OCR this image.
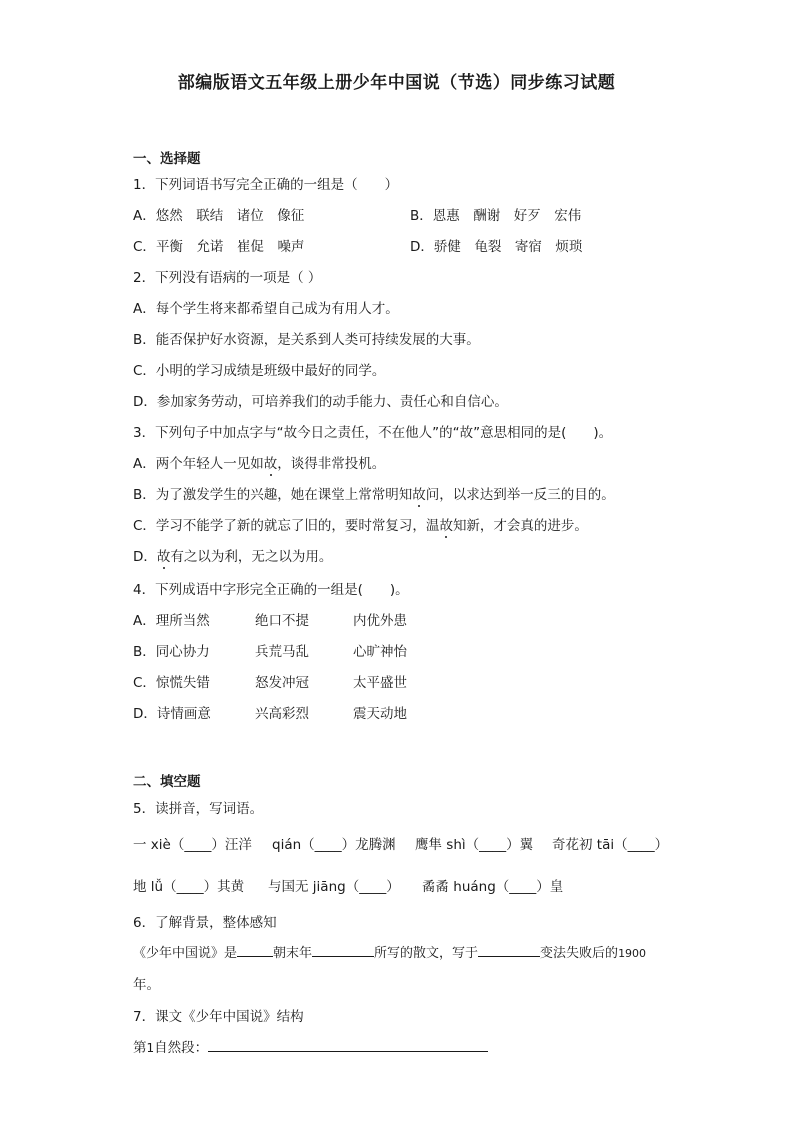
部编版语文五年级上册少年中国说（节选）同步练习试题
一、选择题
1．下列词语书写完全正确的一组是（　　）
A．悠然　 联结　 诸位　 像征	B．恩惠　 酬谢　 好歹　 宏伟
C．平衡　 允诺　 崔促　 噪声	D．骄健　 龟裂　 寄宿　 烦琐
2．下列没有语病的一项是（ ）
A．每个学生将来都希望自己成为有用人才。
B．能否保护好水资源，是关系到人类可持续发展的大事。
C．小明的学习成绩是班级中最好的同学。
D．参加家务劳动，可培养我们的动手能力、责任心和自信心。
3．下列句子中加点字与“故今日之责任，不在他人”的“故”意思相同的是(　　)。
A．两个年轻人一见如故，谈得非常投机。
B．为了激发学生的兴趣，她在课堂上常常明知故问，以求达到举一反三的目的。
C．学习不能学了新的就忘了旧的，要时常复习，温故知新，才会真的进步。
D．故有之以为利，无之以为用。
4．下列成语中字形完全正确的一组是(　　)。
A．理所当然	绝口不提	内优外患
B．同心协力	兵荒马乱	心旷神怡
C．惊慌失错	怒发冲冠	太平盛世
D．诗情画意	兴高彩烈	震天动地
二、填空题
5．读拼音，写词语。
一 xiè（____）汪洋 qián（____）龙腾渊 鹰隼 shì（____）翼 奇花初 tāi（____）
地 lǚ（____）其黄 与国无 jiāng（____） 矞矞 huáng（____）皇
6．了解背景，整体感知
《少年中国说》是	朝末年	所写的散文，写于	变法失败后的1900
年。
7．课文《少年中国说》结构
第1自然段：
